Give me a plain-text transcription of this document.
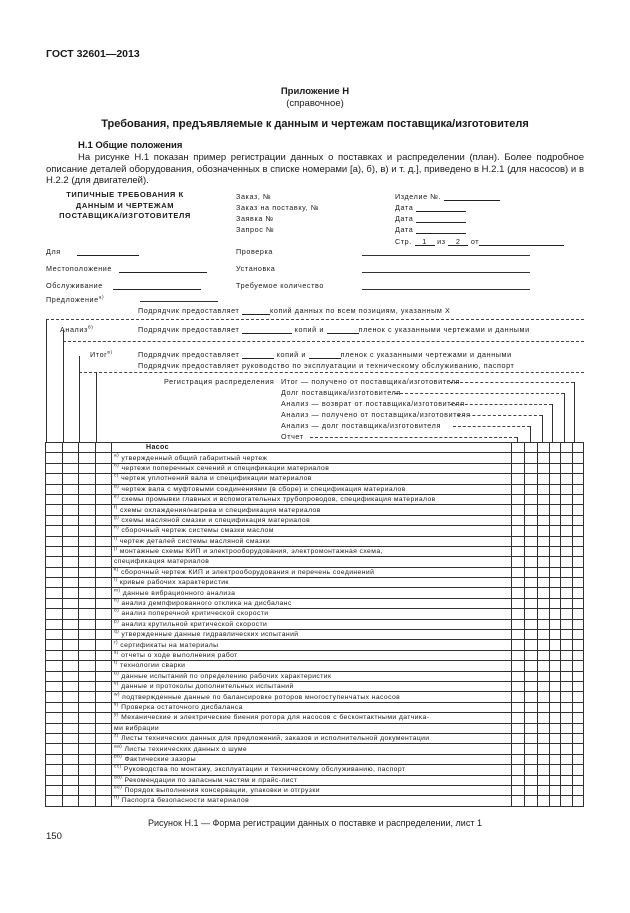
ГОСТ 32601—2013
Приложение Н
(справочное)
Требования, предъявляемые к данным и чертежам поставщика/изготовителя
Н.1 Общие положения
На рисунке Н.1 показан пример регистрации данных о поставках и распределении (план). Более подробное описание деталей оборудования, обозначенных в списке номерами [a), б), в) и т. д.], приведено в Н.2.1 (для насосов) и в Н.2.2 (для двигателей).
ТИПИЧНЫЕ ТРЕБОВАНИЯ К ДАННЫМ И ЧЕРТЕЖАМ ПОСТАВЩИКА/ИЗГОТОВИТЕЛЯ
Заказ, №
Заказ на поставку, №
Заявка №
Запрос №
Изделие №.
Дата
Дата
Дата
Стр. 1 из 2 от
Для	Проверка
Местоположение	Установка
Обслуживание	Требуемое количество
Предложение$^{а)}$
Подрядчик предоставляет	копий данных по всем позициям, указанным X
Анализ$^{б)}$	Подрядчик предоставляет	копий и	пленок с указанными чертежами и данными
Итог$^{в)}$	Подрядчик предоставляет	копий и	пленок с указанными чертежами и данными
Подрядчик предоставляет руководство по эксплуатации и техническому обслуживанию, паспорт
Регистрация распределения Итог — получено от поставщика/изготовителя
Долг поставщика/изготовителя
Анализ — возврат от поставщика/изготовителя
Анализ — получено от поставщика/изготовителя
Анализ — долг поставщика/изготовителя
Отчет
				Насос						
				$^{а)}$ утвержденный общий габаритный чертеж						
				$^{б)}$ чертежи поперечных сечений и спецификации материалов						
				$^{с)}$ чертеж уплотнений вала и спецификации материалов						
				$^{d)}$ чертеж вала с муфтовыми соединениями (в сборе) и спецификация материалов						
				$^{e)}$ схемы промывки главных и вспомогательных трубопроводов, спецификация материалов						
				$^{f)}$ схемы охлаждения/нагрева и спецификация материалов						
				$^{g)}$ схемы масляной смазки и спецификация материалов						
				$^{h)}$ сборочный чертеж системы смазки маслом						
				$^{i)}$ чертеж деталей системы масляной смазки						
				$^{j)}$ монтажные схемы КИП и электрооборудования, электромонтажная схема,						
				спецификация материалов						
				$^{k)}$ сборочный чертеж КИП и электрооборудования и перечень соединений						
				$^{l)}$ кривые рабочих характеристик						
				$^{m)}$ данные вибрационного анализа						
				$^{n)}$ анализ демпфированного отклика на дисбаланс						
				$^{o)}$ анализ поперечной критической скорости						
				$^{p)}$ анализ крутильной критической скорости						
				$^{q)}$ утвержденные данные гидравлических испытаний						
				$^{r)}$ сертификаты на материалы						
				$^{s)}$ отчеты о ходе выполнения работ						
				$^{t)}$ технологии сварки						
				$^{u)}$ данные испытаний по определению рабочих характеристик						
				$^{v)}$ данные и протоколы дополнительных испытаний						
				$^{w)}$ подтвержденные данные по балансировке роторов многоступенчатых насосов						
				$^{x)}$ Проверка остаточного дисбаланса						
				$^{y)}$ Механические и электрические биения ротора для насосов с бесконтактными датчика-						
				ми вибрации						
				$^{z)}$ Листы технических данных для предложений, заказов и исполнительной документации						
				$^{aa)}$ Листы технических данных о шуме						
				$^{bb)}$ Фактические зазоры						
				$^{cc)}$ Руководства по монтажу, эксплуатации и техническому обслуживанию, паспорт						
				$^{dd)}$ Рекомендации по запасным частям и прайс-лист						
				$^{ee)}$ Порядок выполнения консервации, упаковки и отгрузки						
				$^{ff)}$ Паспорта безопасности материалов						
Рисунок Н.1 — Форма регистрации данных о поставке и распределении, лист 1
150
